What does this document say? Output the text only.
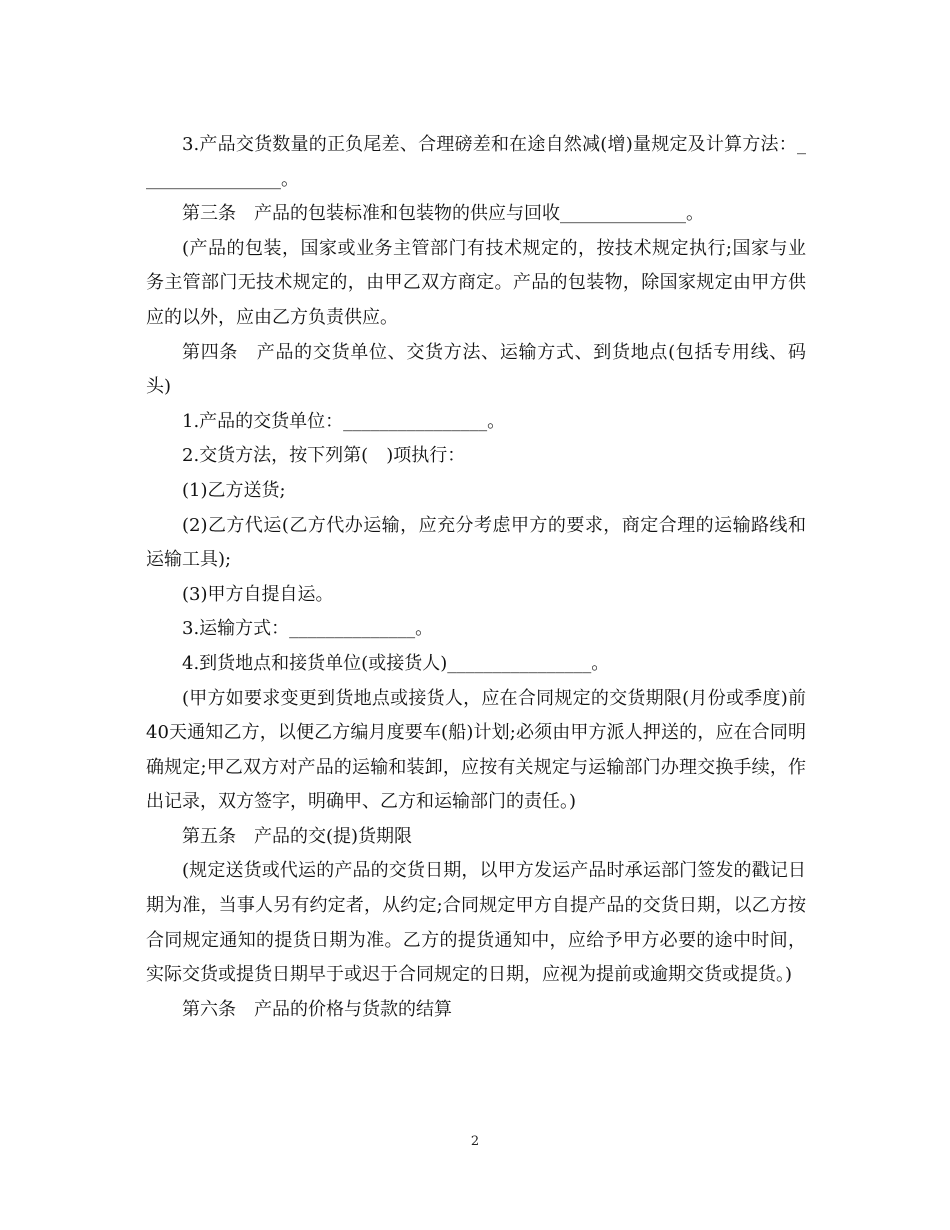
3.产品交货数量的正负尾差、合理磅差和在途自然减(增)量规定及计算方法：________________。

第三条　产品的包装标准和包装物的供应与回收______________。

(产品的包装，国家或业务主管部门有技术规定的，按技术规定执行;国家与业务主管部门无技术规定的，由甲乙双方商定。产品的包装物，除国家规定由甲方供应的以外，应由乙方负责供应。

第四条　产品的交货单位、交货方法、运输方式、到货地点(包括专用线、码头)

1.产品的交货单位：________________。

2.交货方法，按下列第(　)项执行：

(1)乙方送货;

(2)乙方代运(乙方代办运输，应充分考虑甲方的要求，商定合理的运输路线和运输工具);

(3)甲方自提自运。

3.运输方式：______________。

4.到货地点和接货单位(或接货人)________________。

(甲方如要求变更到货地点或接货人，应在合同规定的交货期限(月份或季度)前40天通知乙方，以便乙方编月度要车(船)计划;必须由甲方派人押送的，应在合同明确规定;甲乙双方对产品的运输和装卸，应按有关规定与运输部门办理交换手续，作出记录，双方签字，明确甲、乙方和运输部门的责任。)

第五条　产品的交(提)货期限

(规定送货或代运的产品的交货日期，以甲方发运产品时承运部门签发的戳记日期为准，当事人另有约定者，从约定;合同规定甲方自提产品的交货日期，以乙方按合同规定通知的提货日期为准。乙方的提货通知中，应给予甲方必要的途中时间，实际交货或提货日期早于或迟于合同规定的日期，应视为提前或逾期交货或提货。)

第六条　产品的价格与货款的结算

2
